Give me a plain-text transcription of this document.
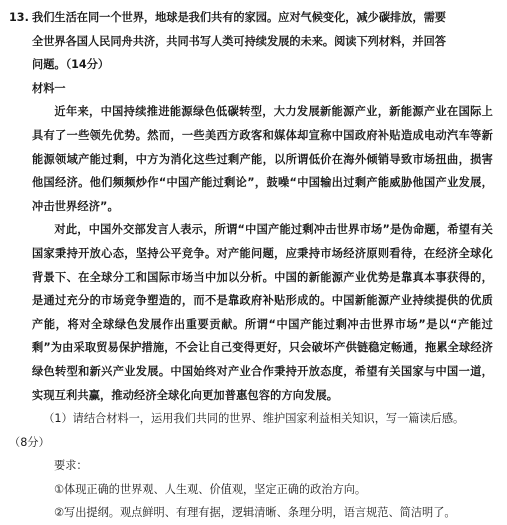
13. 我们生活在同一个世界，地球是我们共有的家园。应对气候变化，减少碳排放，需要
全世界各国人民同舟共济，共同书写人类可持续发展的未来。阅读下列材料，并回答
问题。（14分）
材料一

近年来，中国持续推进能源绿色低碳转型，大力发展新能源产业，新能源产业在国际上具有了一些领先优势。然而，一些美西方政客和媒体却宣称中国政府补贴造成电动汽车等新能源领域产能过剩，中方为消化这些过剩产能，以所谓低价在海外倾销导致市场扭曲，损害他国经济。他们频频炒作“中国产能过剩论”，鼓噪“中国输出过剩产能威胁他国产业发展，冲击世界经济”。

对此，中国外交部发言人表示，所谓“中国产能过剩冲击世界市场”是伪命题，希望有关国家秉持开放心态，坚持公平竞争。对产能问题，应秉持市场经济原则看待，在经济全球化背景下、在全球分工和国际市场当中加以分析。中国的新能源产业优势是靠真本事获得的，是通过充分的市场竞争塑造的，而不是靠政府补贴形成的。中国新能源产业持续提供的优质产能，将对全球绿色发展作出重要贡献。所谓“中国产能过剩冲击世界市场”是以“产能过剩”为由采取贸易保护措施，不会让自己变得更好，只会破坏产供链稳定畅通，拖累全球经济绿色转型和新兴产业发展。中国始终对产业合作秉持开放态度，希望有关国家与中国一道，实现互利共赢，推动经济全球化向更加普惠包容的方向发展。

（1）请结合材料一，运用我们共同的世界、维护国家利益相关知识，写一篇读后感。

（8分）
要求：
①体现正确的世界观、人生观、价值观，坚定正确的政治方向。
②写出提纲。观点鲜明、有理有据，逻辑清晰、条理分明，语言规范、简洁明了。
